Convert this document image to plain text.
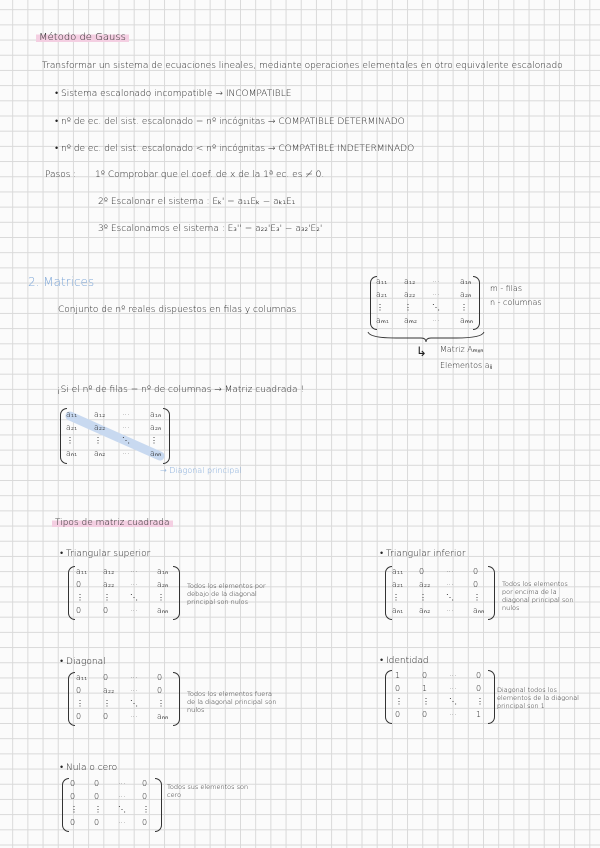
Método de Gauss
Transformar un sistema de ecuaciones lineales, mediante operaciones elementales en otro equivalente escalonado
• Sistema escalonado incompatible → INCOMPATIBLE
• nº de ec. del sist. escalonado = nº incógnitas → COMPATIBLE DETERMINADO
• nº de ec. del sist. escalonado < nº incógnitas → COMPATIBLE INDETERMINADO
Pasos : 1º Comprobar que el coef. de x de la 1ª ec. es ≠ 0.
2º Escalonar el sistema : Eₖ' = a₁₁Eₖ − aₖ₁E₁
3º Escalonamos el sistema : E₃'' = a₂₂'E₃' − a₃₂'E₂'
2. Matrices
Conjunto de nº reales dispuestos en filas y columnas
a₁₁ a₁₂ ···	a₁ₙ
a₂₁ a₂₂ ···	a₂ₙ
⋮	⋮	⋱	⋮
aₘ₁ aₘ₂ ···	aₘₙ
m - filas
n - columnas
↳ Matriz Aₘₓₙ
Elementos aᵢⱼ
¡Si el nº de filas = nº de columnas → Matriz cuadrada !
a₁₁ a₁₂ ···	a₁ₙ
a₂₁ a₂₂ ···	a₂ₙ
⋮	⋮	⋱	⋮
aₙ₁ aₙ₂ ···	aₙₙ
→ Diagonal principal
Tipos de matriz cuadrada
• Triangular superior
a₁₁ a₁₂ ··· a₁ₙ
0	a₂₂ ··· a₂ₙ
⋮ ⋮ ⋱ ⋮
0	0	··· aₙₙ
Todos los elementos por debajo de la diagonal principal son nulos
• Triangular inferior
a₁₁ 0	··· 0
a₂₁ a₂₂ ··· 0
⋮ ⋮ ⋱ ⋮
aₙ₁ aₙ₂ ··· aₙₙ
Todos los elementos por encima de la diagonal principal son nulos
• Diagonal
a₁₁ 0	··· 0
0	a₂₂ ··· 0
⋮ ⋮ ⋱ ⋮
0	0	··· aₙₙ
Todos los elementos fuera de la diagonal principal son nulos
• Identidad
1	0	··· 0
0	1	··· 0
⋮ ⋮ ⋱ ⋮
0	0	··· 1
Diagonal todos los elementos de la diagonal principal son 1
• Nula o cero
0 0 ··· 0
0 0 ··· 0
⋮ ⋮ ⋱ ⋮
0 0 ··· 0
Todos sus elementos son cero
